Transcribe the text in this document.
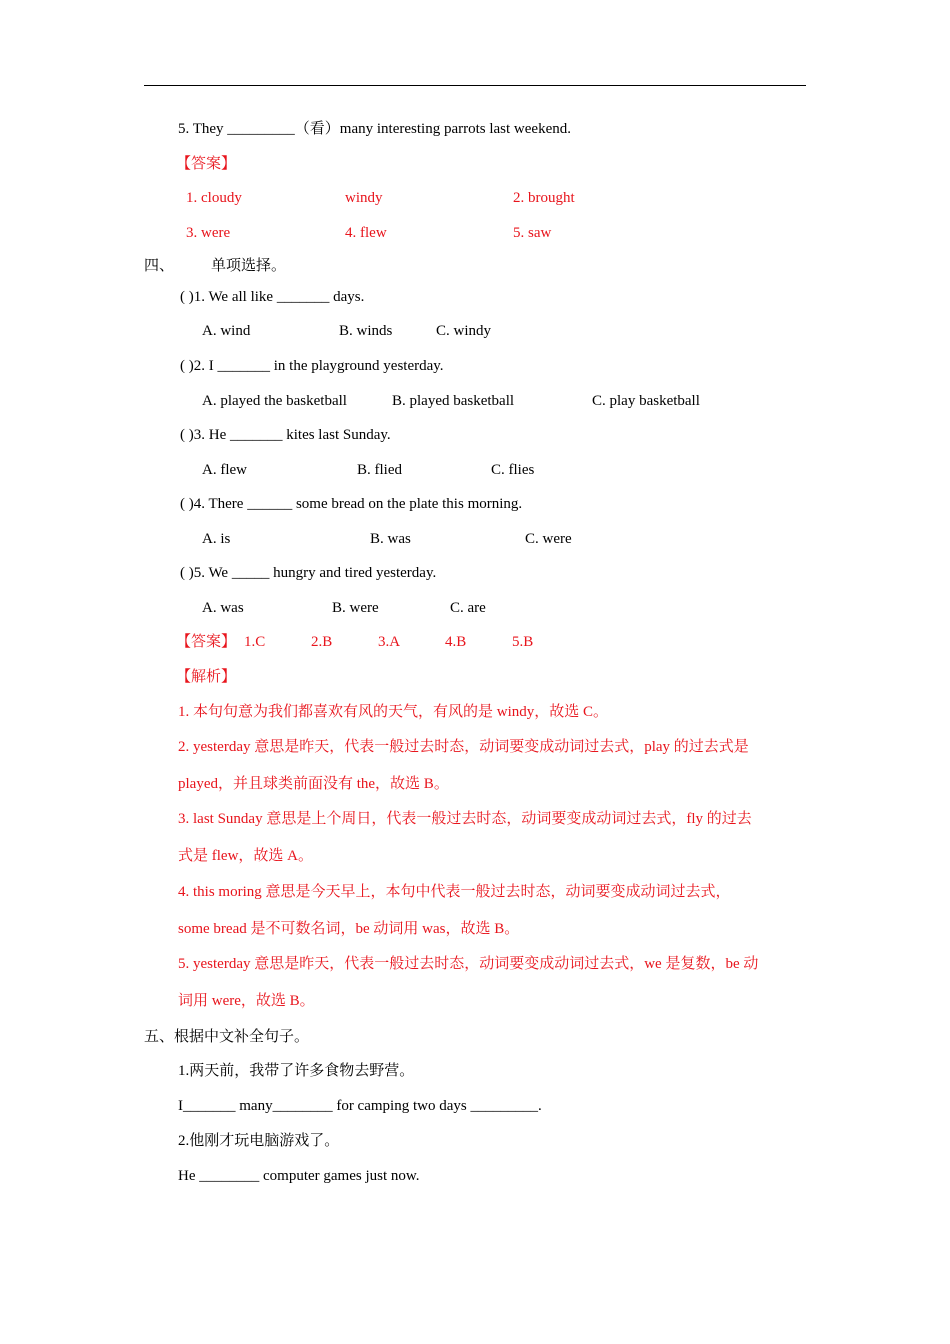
5. They _________（看）many interesting parrots last weekend.
【答案】
1. cloudy	windy	2. brought
3. were	4. flew	5. saw
四、 单项选择。
( )1. We all like _______ days.
A. wind	B. winds	C. windy
( )2. I _______ in the playground yesterday.
A. played the basketball	B. played basketball	C. play basketball
( )3. He _______ kites last Sunday.
A. flew	B. flied	C. flies
( )4. There ______ some bread on the plate this morning.
A. is	B. was	C. were
( )5. We _____ hungry and tired yesterday.
A. was	B. were	C. are
【答案】 1.C	2.B	3.A	4.B	5.B
【解析】
1. 本句句意为我们都喜欢有风的天气，有风的是 windy，故选 C。
2. yesterday 意思是昨天，代表一般过去时态，动词要变成动词过去式，play 的过去式是
played，并且球类前面没有 the，故选 B。
3. last Sunday 意思是上个周日，代表一般过去时态，动词要变成动词过去式，fly 的过去
式是 flew，故选 A。
4. this moring 意思是今天早上，本句中代表一般过去时态，动词要变成动词过去式，
some bread 是不可数名词，be 动词用 was，故选 B。
5. yesterday 意思是昨天，代表一般过去时态，动词要变成动词过去式，we 是复数，be 动
词用 were，故选 B。
五、根据中文补全句子。
1.两天前，我带了许多食物去野营。
I_______ many________ for camping two days _________.
2.他刚才玩电脑游戏了。
He ________ computer games just now.
